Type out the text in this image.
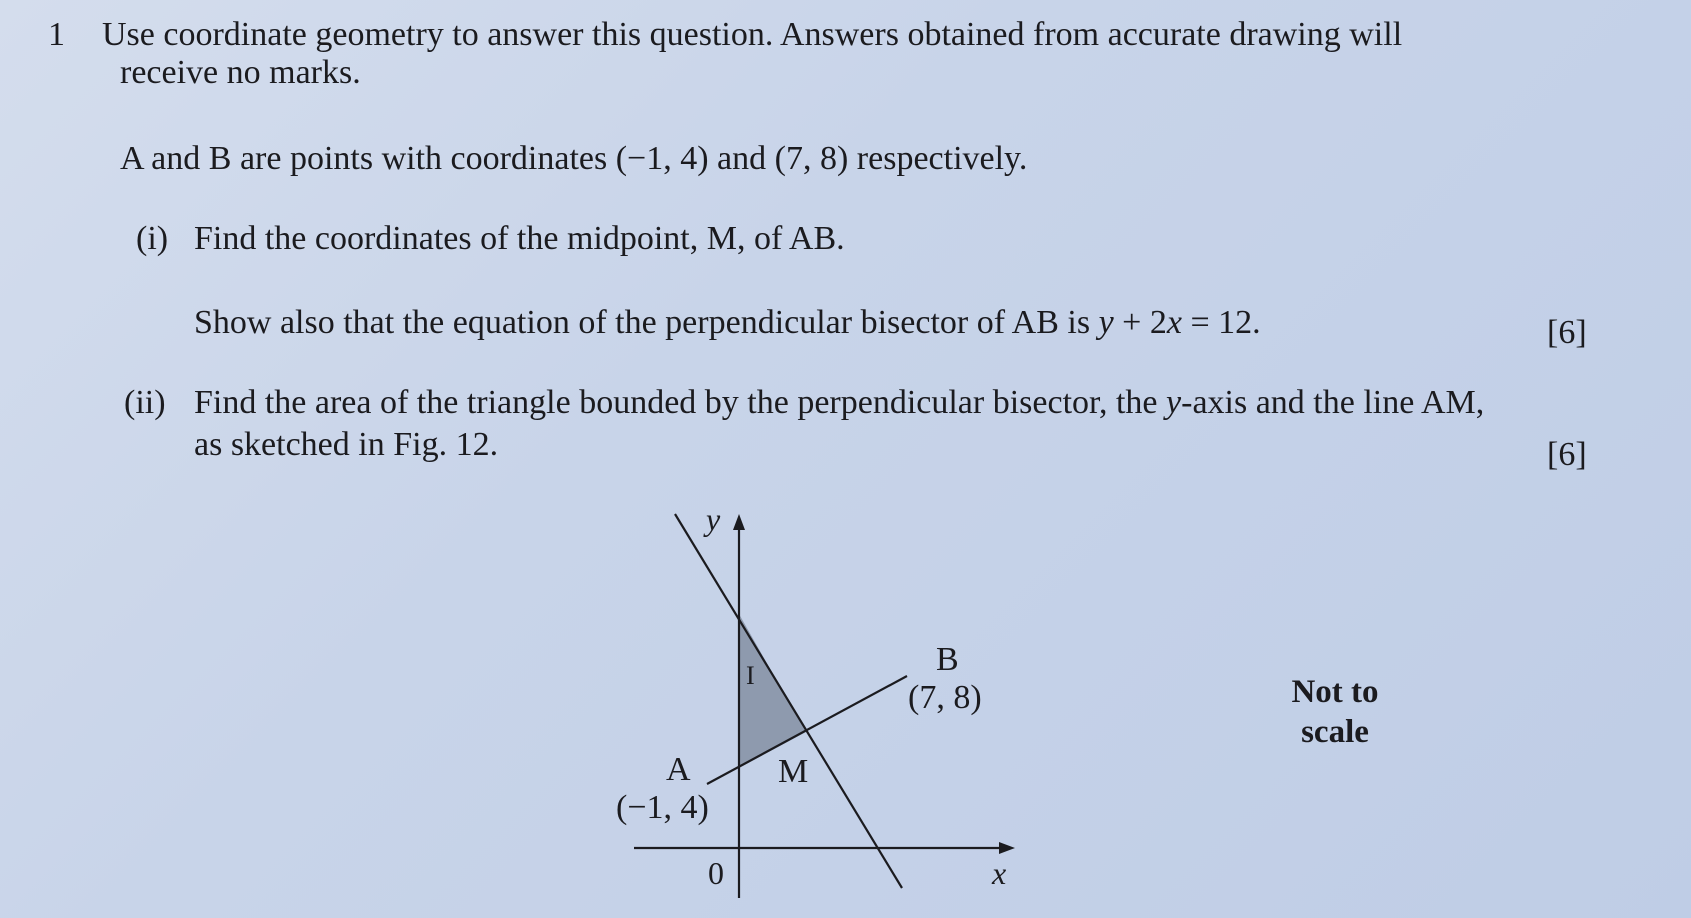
1 Use coordinate geometry to answer this question. Answers obtained from accurate drawing will
receive no marks.
A and B are points with coordinates (−1, 4) and (7, 8) respectively.
(i) Find the coordinates of the midpoint, M, of AB.
Show also that the equation of the perpendicular bisector of AB is y + 2x = 12.	[6]
(ii) Find the area of the triangle bounded by the perpendicular bisector, the y-axis and the line AM,
as sketched in Fig. 12.	[6]
I
y
x
0
A
(−1, 4)
B
(7, 8)
M
Not to
scale
